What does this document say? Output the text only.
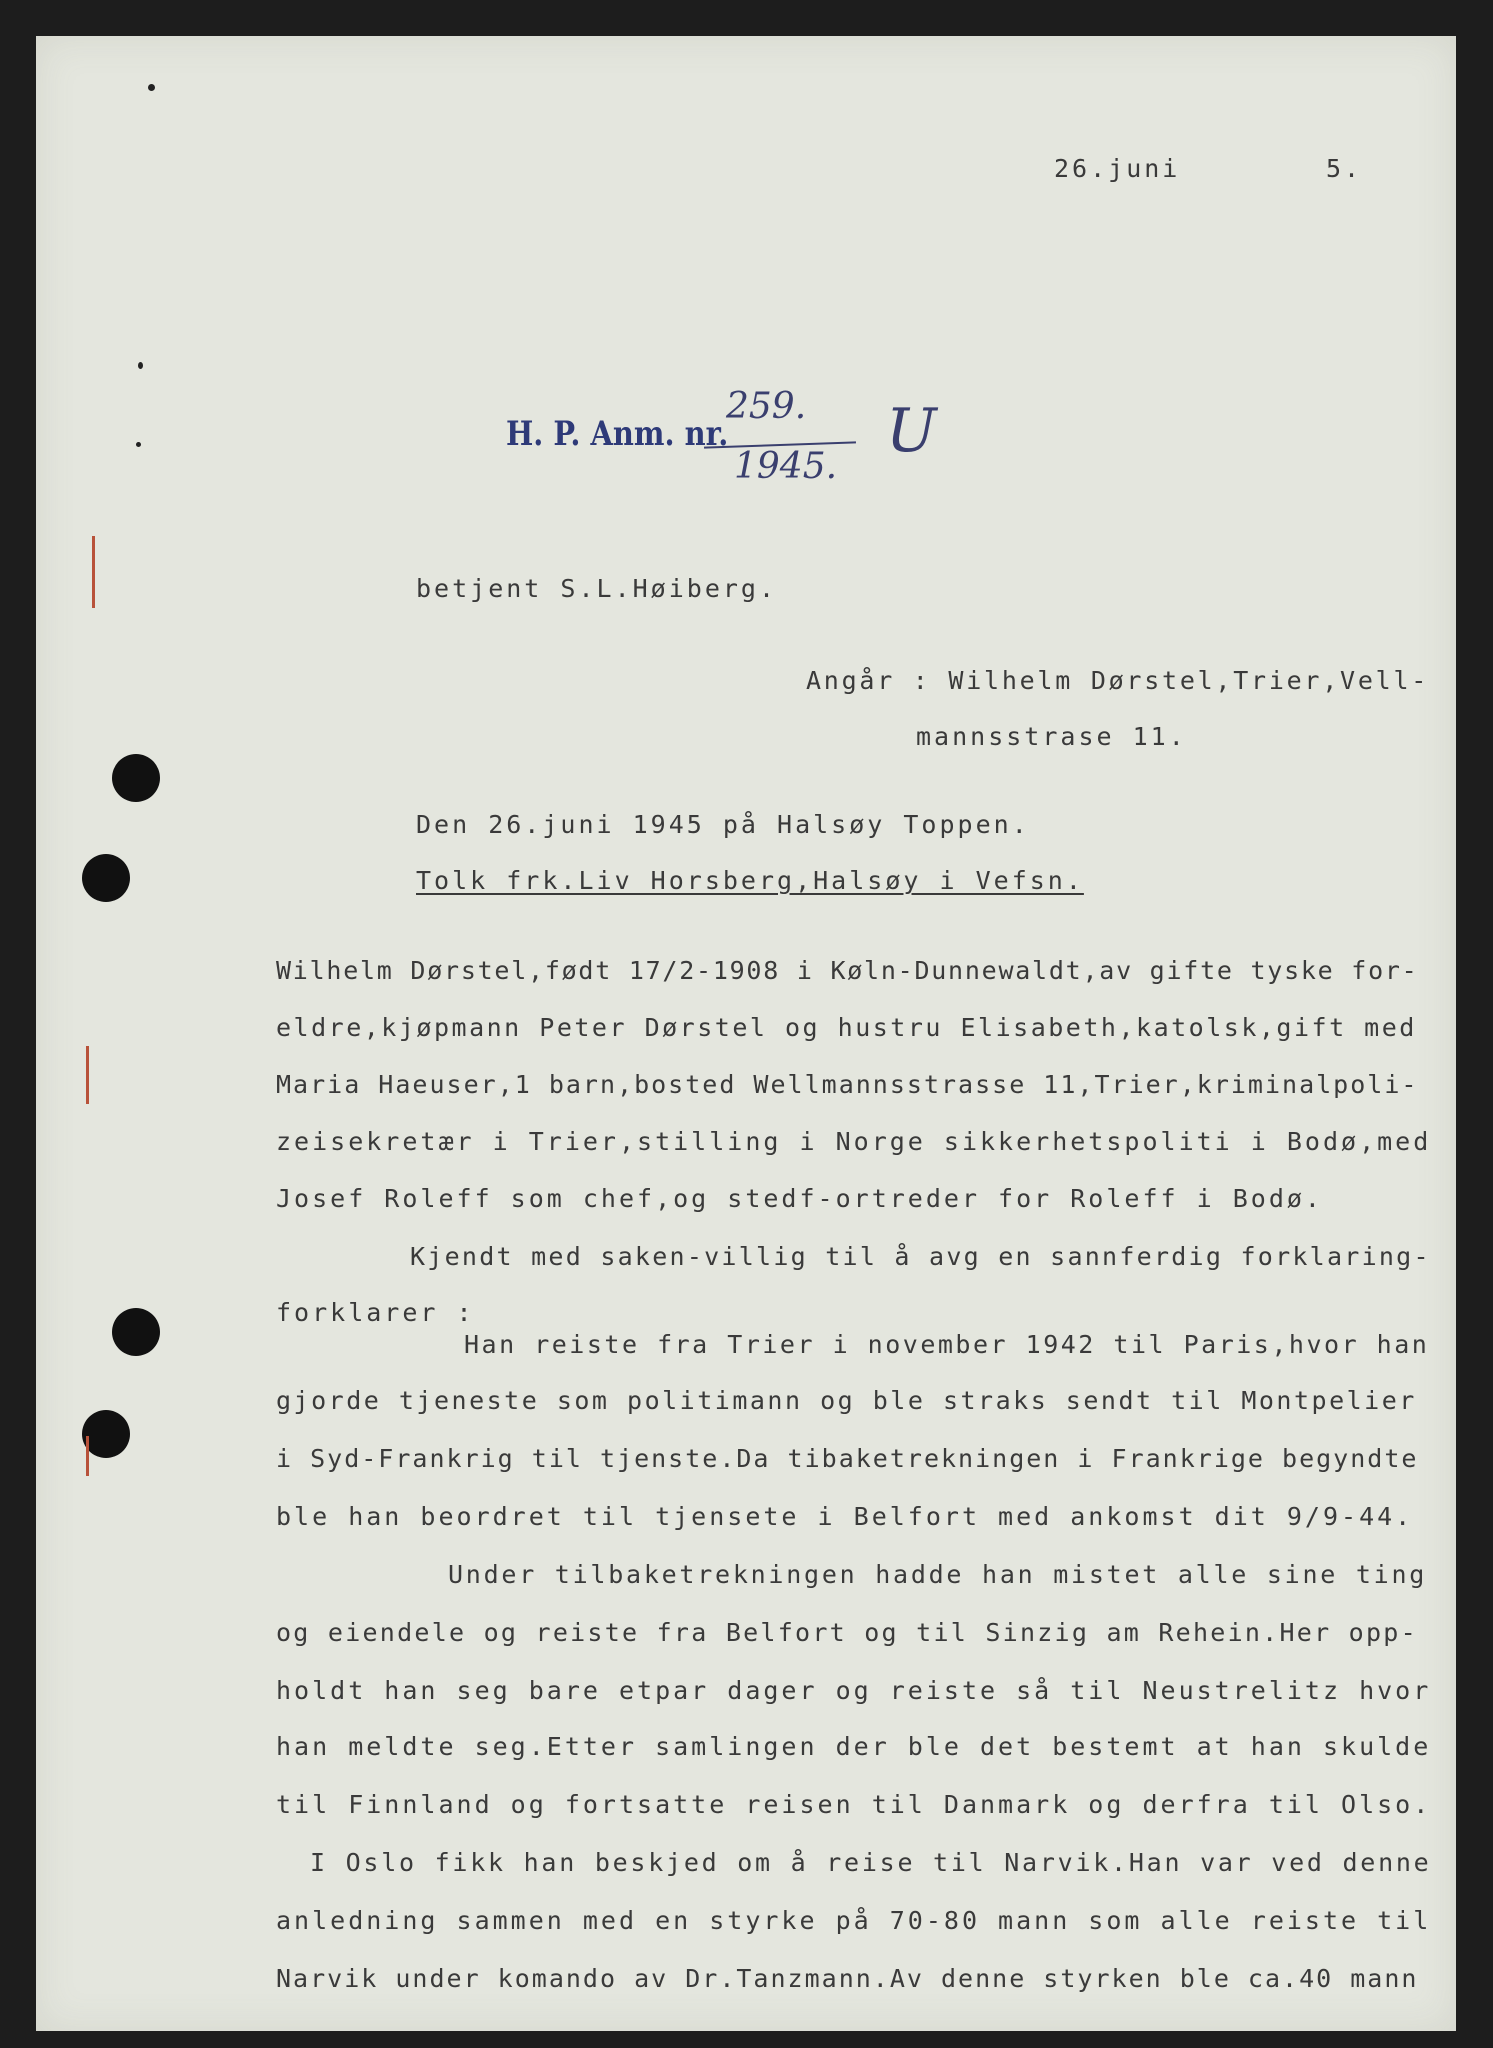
26.juni	5.
H. P. Anm. nr.
259.
1945.
U
betjent S.L.Høiberg.
Angår : Wilhelm Dørstel,Trier,Vell-
mannsstrase 11.
Den 26.juni 1945 på Halsøy Toppen.
Tolk frk.Liv Horsberg,Halsøy i Vefsn.
Wilhelm Dørstel,født 17/2-1908 i Køln-Dunnewaldt,av gifte tyske for-
eldre,kjøpmann Peter Dørstel og hustru Elisabeth,katolsk,gift med
Maria Haeuser,1 barn,bosted Wellmannsstrasse 11,Trier,kriminalpoli-
zeisekretær i Trier,stilling i Norge sikkerhetspoliti i Bodø,med
Josef Roleff som chef,og stedf-ortreder for Roleff i Bodø.
Kjendt med saken-villig til å avg en sannferdig forklaring-
forklarer :
Han reiste fra Trier i november 1942 til Paris,hvor han
gjorde tjeneste som politimann og ble straks sendt til Montpelier
i Syd-Frankrig til tjenste.Da tibaketrekningen i Frankrige begyndte
ble han beordret til tjensete i Belfort med ankomst dit 9/9-44.
Under tilbaketrekningen hadde han mistet alle sine ting
og eiendele og reiste fra Belfort og til Sinzig am Rehein.Her opp-
holdt han seg bare etpar dager og reiste så til Neustrelitz hvor
han meldte seg.Etter samlingen der ble det bestemt at han skulde
til Finnland og fortsatte reisen til Danmark og derfra til Olso.
I Oslo fikk han beskjed om å reise til Narvik.Han var ved denne
anledning sammen med en styrke på 70-80 mann som alle reiste til
Narvik under komando av Dr.Tanzmann.Av denne styrken ble ca.40 mann
